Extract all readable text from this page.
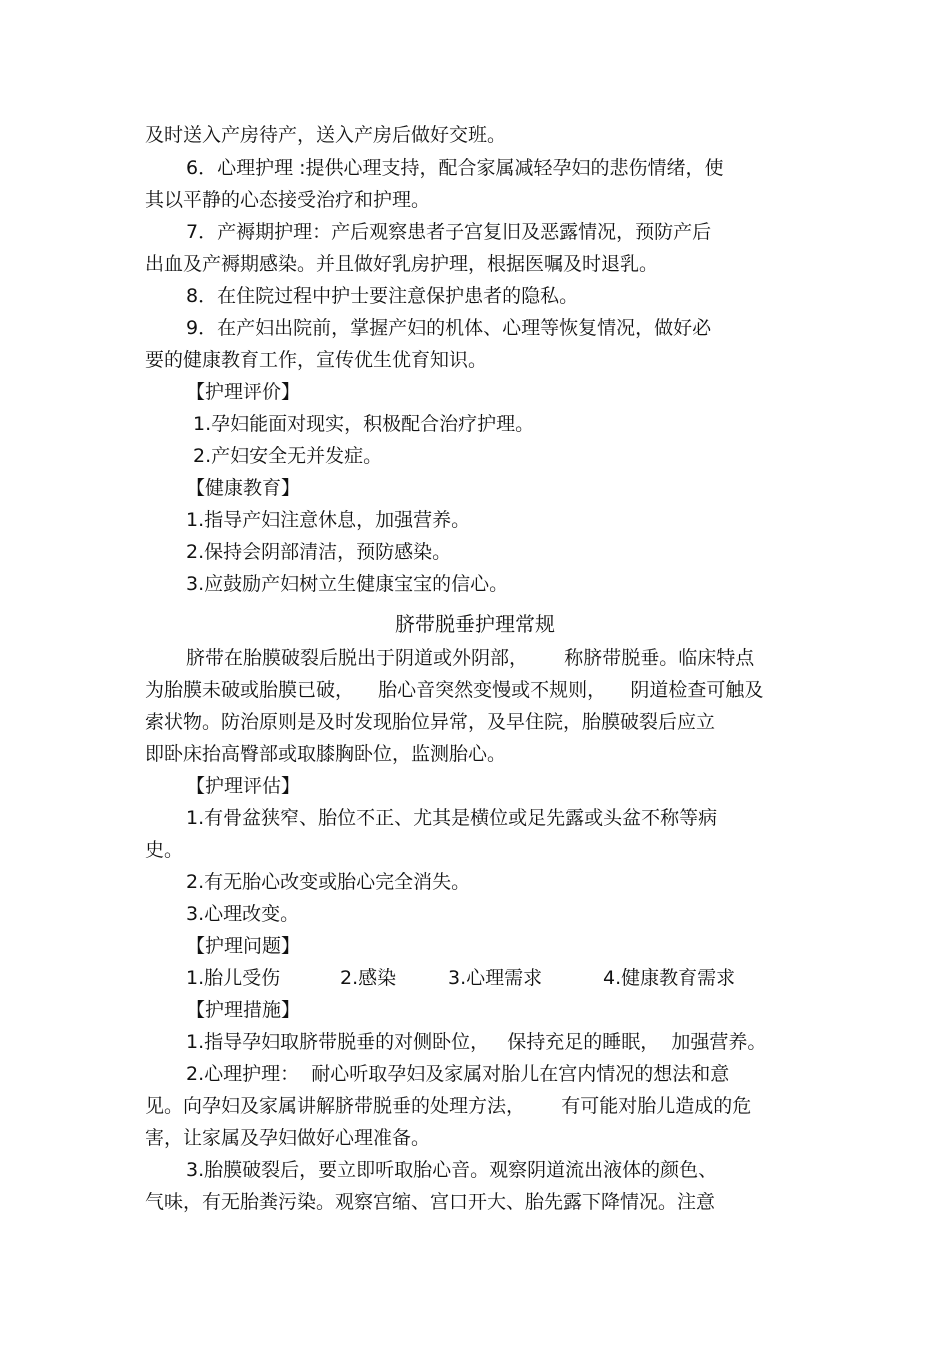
及时送入产房待产，送入产房后做好交班。
6．心理护理 :提供心理支持，配合家属减轻孕妇的悲伤情绪，使
其以平静的心态接受治疗和护理。
7．产褥期护理：产后观察患者子宫复旧及恶露情况，预防产后
出血及产褥期感染。并且做好乳房护理，根据医嘱及时退乳。
8．在住院过程中护士要注意保护患者的隐私。
9．在产妇出院前，掌握产妇的机体、心理等恢复情况，做好必
要的健康教育工作，宣传优生优育知识。
【护理评价】
1.孕妇能面对现实，积极配合治疗护理。
2.产妇安全无并发症。
【健康教育】
1.指导产妇注意休息，加强营养。
2.保持会阴部清洁，预防感染。
3.应鼓励产妇树立生健康宝宝的信心。
脐带脱垂护理常规
脐带在胎膜破裂后脱出于阴道或外阴部，      称脐带脱垂。临床特点
为胎膜未破或胎膜已破，    胎心音突然变慢或不规则，    阴道检查可触及
索状物。防治原则是及时发现胎位异常，及早住院，胎膜破裂后应立
即卧床抬高臀部或取膝胸卧位，监测胎心。
【护理评估】
1.有骨盆狭窄、胎位不正、尤其是横位或足先露或头盆不称等病
史。
2.有无胎心改变或胎心完全消失。
3.心理改变。
【护理问题】
1.胎儿受伤	2.感染	3.心理需求	4.健康教育需求
【护理措施】
1.指导孕妇取脐带脱垂的对侧卧位，   保持充足的睡眠，  加强营养。
2.心理护理：  耐心听取孕妇及家属对胎儿在宫内情况的想法和意
见。向孕妇及家属讲解脐带脱垂的处理方法，      有可能对胎儿造成的危
害，让家属及孕妇做好心理准备。
3.胎膜破裂后，要立即听取胎心音。观察阴道流出液体的颜色、
气味，有无胎粪污染。观察宫缩、宫口开大、胎先露下降情况。注意
